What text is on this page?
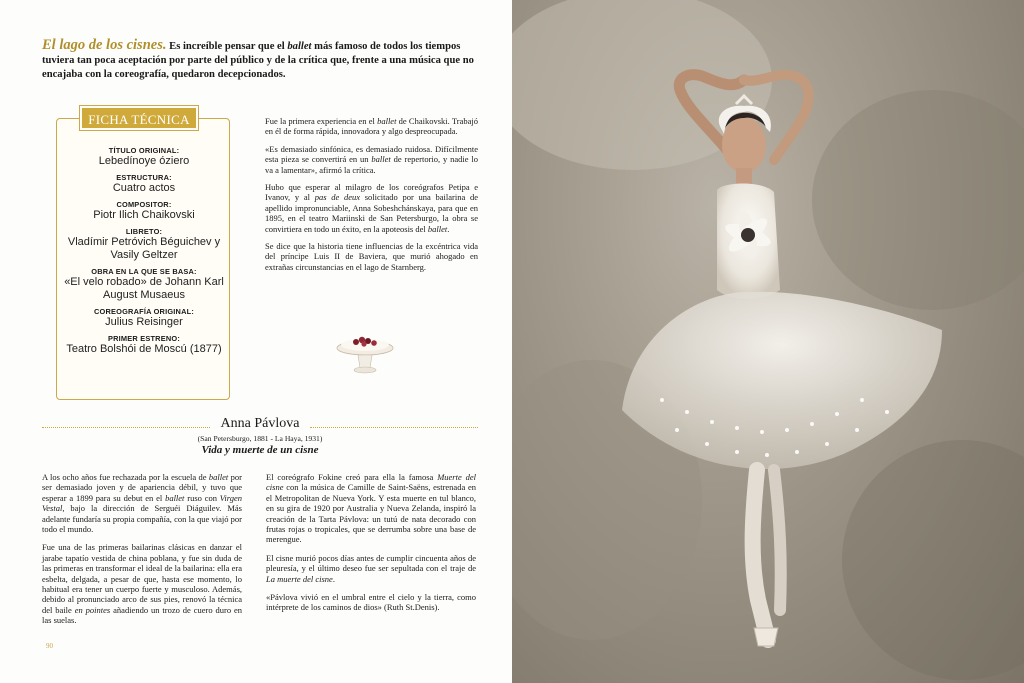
El lago de los cisnes. Es increíble pensar que el ballet más famoso de todos los tiempos tuviera tan poca aceptación por parte del público y de la crítica que, frente a una música que no encajaba con la coreografía, quedaron decepcionados.
FICHA TÉCNICA
TÍTULO ORIGINAL:
Lebedínoye ózіero
ESTRUCTURA:
Cuatro actos
COMPOSITOR:
Piotr Ilich Chaikovski
LIBRETO:
Vladímir Petróvich Béguichev y Vasily Geltzer
OBRA EN LA QUE SE BASA:
«El velo robado» de Johann Karl August Musaeus
COREOGRAFÍA ORIGINAL:
Julius Reisinger
PRIMER ESTRENO:
Teatro Bolshói de Moscú (1877)

Fue la primera experiencia en el ballet de Chaikovski. Trabajó en él de forma rápida, innovadora y algo despreocupada.

«Es demasiado sinfónica, es demasiado ruidosa. Difícilmente esta pieza se convertirá en un ballet de repertorio, y nadie lo va a lamentar», afirmó la crítica.

Hubo que esperar al milagro de los coreógrafos Petipa e Ivanov, y al pas de deux solicitado por una bailarina de apellido impronunciable, Anna Sobeshchánskaya, para que en 1895, en el teatro Mariinski de San Petersburgo, la obra se convirtiera en todo un éxito, en la apoteosis del ballet.

Se dice que la historia tiene influencias de la excéntrica vida del príncipe Luis II de Baviera, que murió ahogado en extrañas circunstancias en el lago de Starnberg.

Anna Pávlova
(San Petersburgo, 1881 - La Haya, 1931)
Vida y muerte de un cisne

A los ocho años fue rechazada por la escuela de ballet por ser demasiado joven y de apariencia débil, y tuvo que esperar a 1899 para su debut en el ballet ruso con Virgen Vestal, bajo la dirección de Serguéi Diáguilev. Más adelante fundaría su propia compañía, con la que viajó por todo el mundo.

Fue una de las primeras bailarinas clásicas en danzar el jarabe tapatío vestida de china poblana, y fue sin duda de las primeras en transformar el ideal de la bailarina: ella era esbelta, delgada, a pesar de que, hasta ese momento, lo habitual era tener un cuerpo fuerte y musculoso. Además, debido al pronunciado arco de sus pies, renovó la técnica del baile en pointes añadiendo un trozo de cuero duro en las suelas.

El coreógrafo Fokine creó para ella la famosa Muerte del cisne con la música de Camille de Saint-Saëns, estrenada en el Metropolitan de Nueva York. Y esta muerte en tul blanco, en su gira de 1920 por Australia y Nueva Zelanda, inspiró la creación de la Tarta Pávlova: un tutú de nata decorado con frutas rojas o tropicales, que se derrumba sobre una base de merengue.

El cisne murió pocos días antes de cumplir cincuenta años de pleuresía, y el último deseo fue ser sepultada con el traje de La muerte del cisne.

«Pávlova vivió en el umbral entre el cielo y la tierra, como intérprete de los caminos de dios» (Ruth St.Denis).

90
